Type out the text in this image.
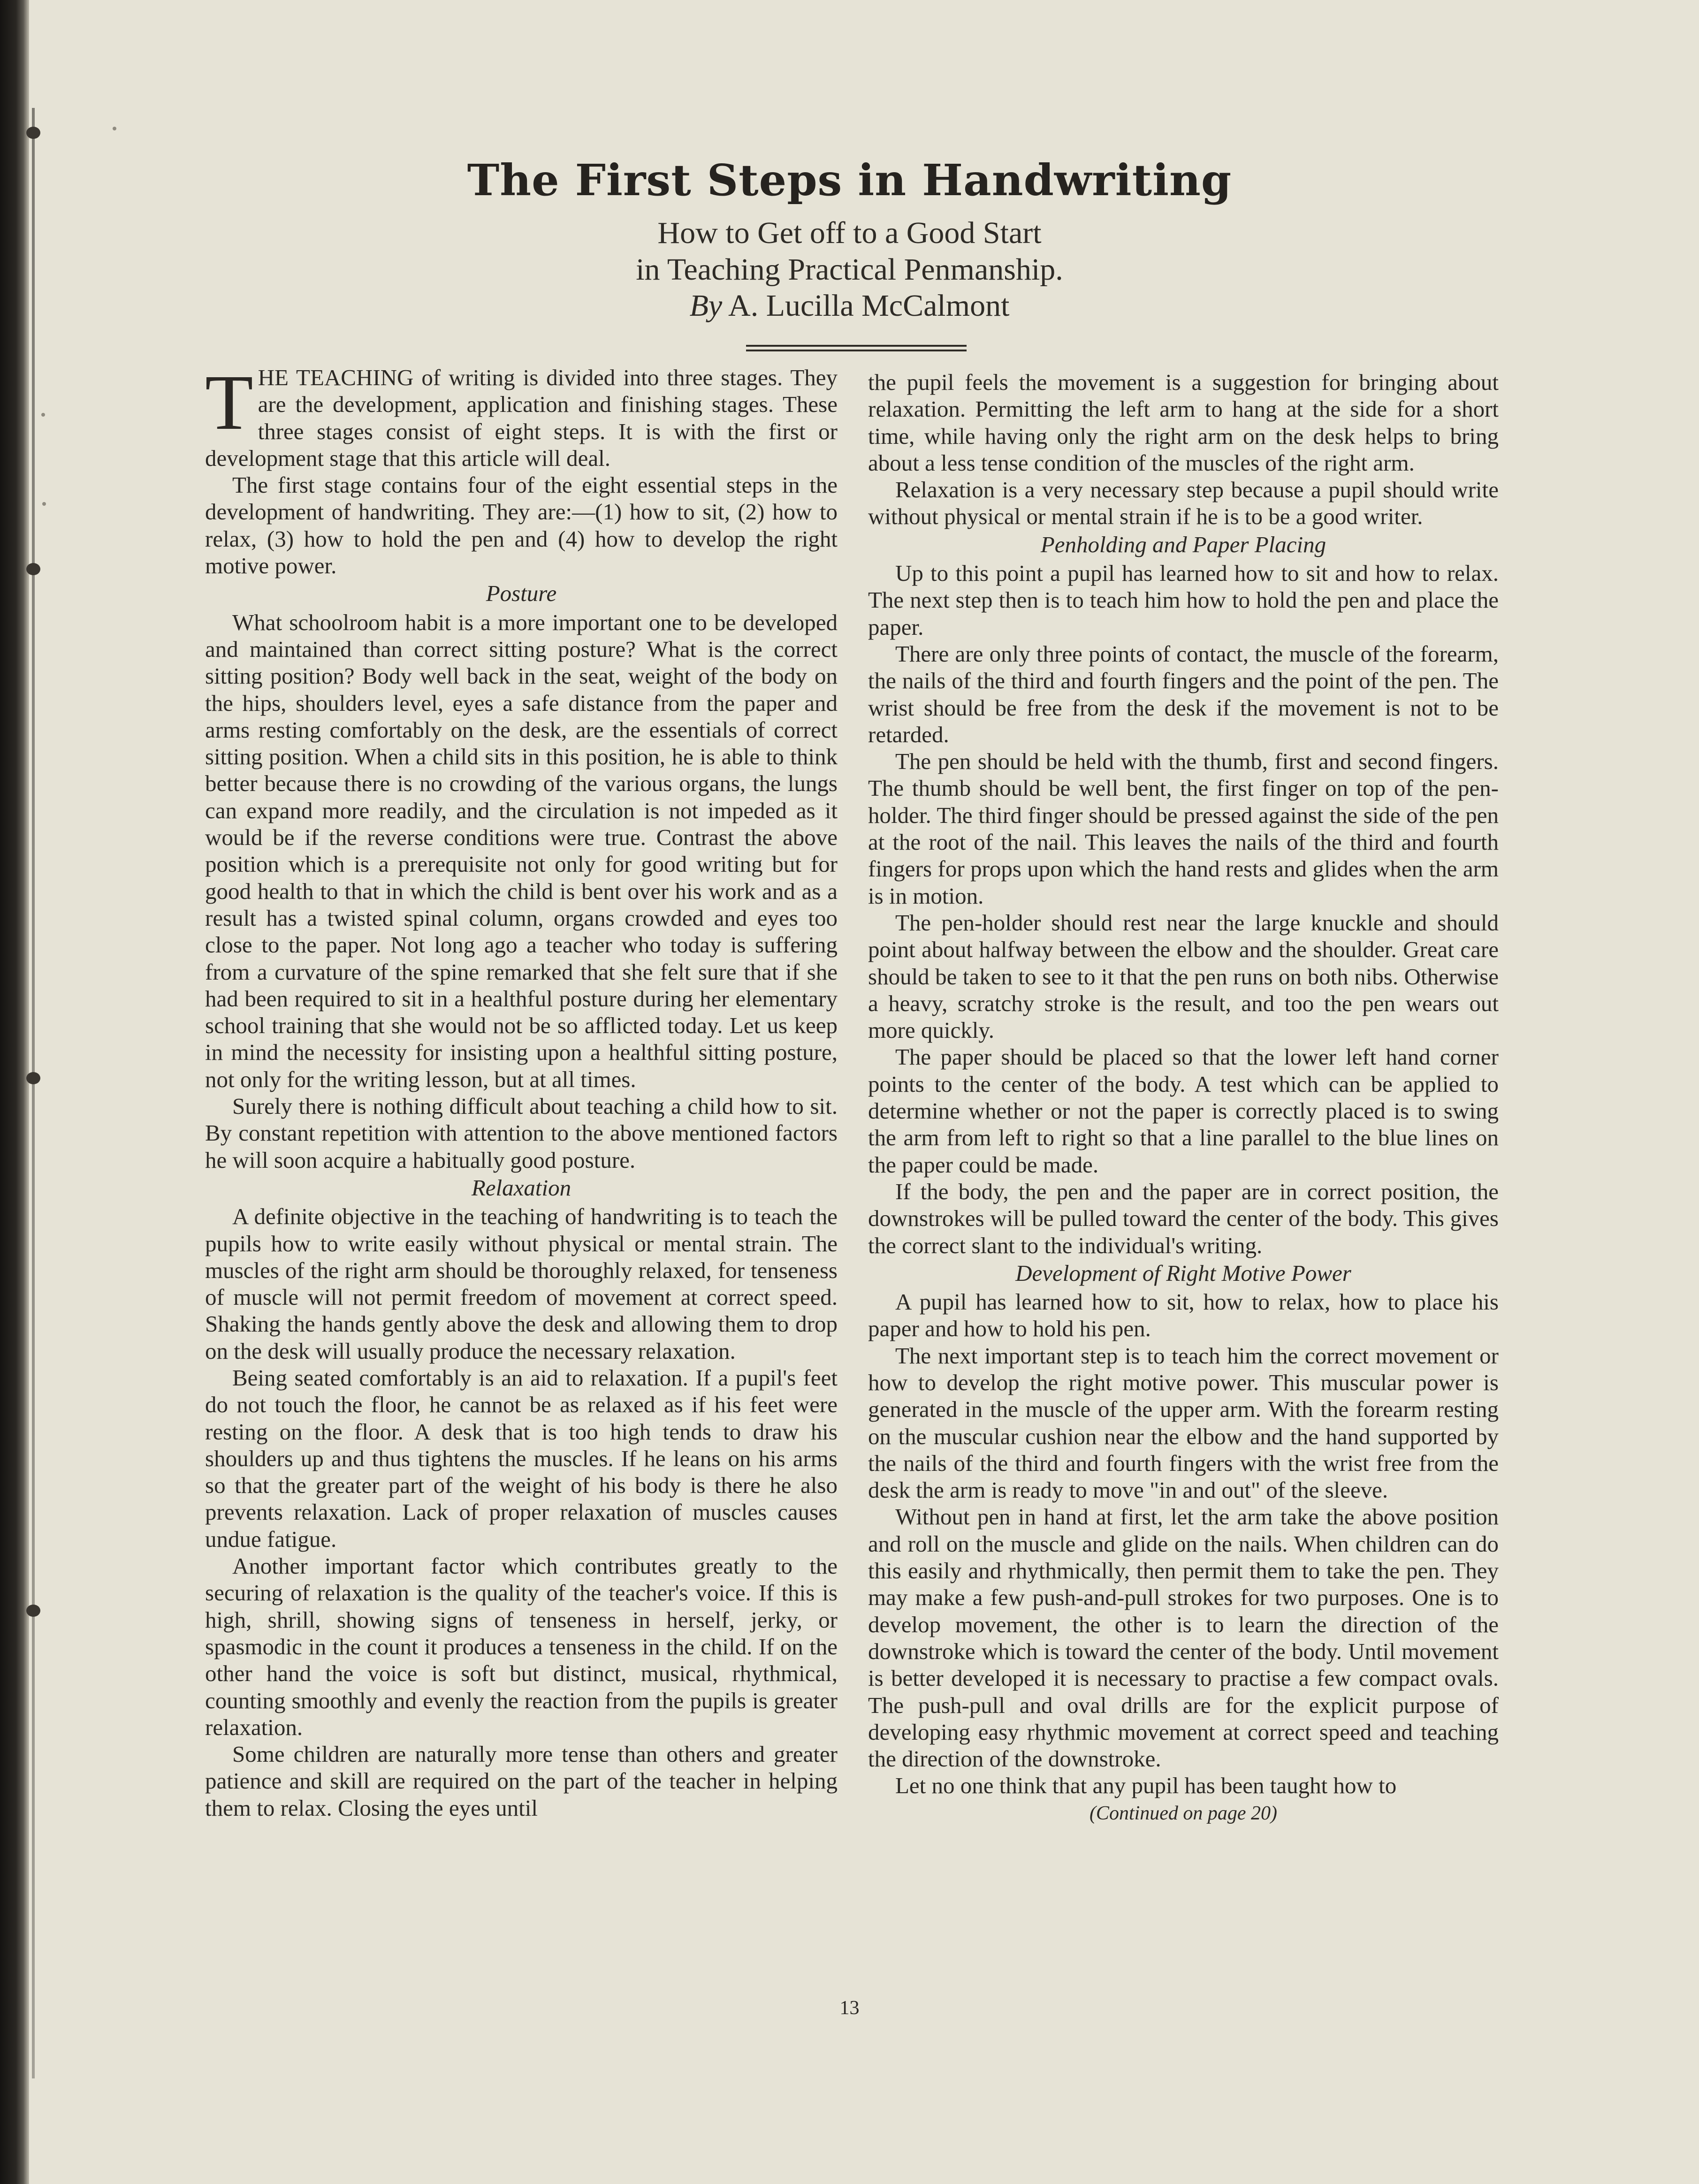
The First Steps in Handwriting
How to Get off to a Good Start
in Teaching Practical Penmanship.
By A. Lucilla McCalmont

THE TEACHING of writing is divided into three stages. They are the development, application and finishing stages. These three stages consist of eight steps. It is with the first or development stage that this article will deal.

The first stage contains four of the eight essential steps in the development of handwriting. They are:—(1) how to sit, (2) how to relax, (3) how to hold the pen and (4) how to develop the right motive power.

Posture

What schoolroom habit is a more important one to be developed and maintained than correct sitting posture? What is the correct sitting position? Body well back in the seat, weight of the body on the hips, shoulders level, eyes a safe distance from the paper and arms resting comfortably on the desk, are the essentials of correct sitting position. When a child sits in this position, he is able to think better because there is no crowding of the various organs, the lungs can expand more readily, and the circulation is not impeded as it would be if the reverse conditions were true. Contrast the above position which is a prerequisite not only for good writing but for good health to that in which the child is bent over his work and as a result has a twisted spinal column, organs crowded and eyes too close to the paper. Not long ago a teacher who today is suffering from a curvature of the spine remarked that she felt sure that if she had been required to sit in a healthful posture during her elementary school training that she would not be so afflicted today. Let us keep in mind the necessity for insisting upon a healthful sitting posture, not only for the writing lesson, but at all times.

Surely there is nothing difficult about teaching a child how to sit. By constant repetition with attention to the above mentioned factors he will soon acquire a habitually good posture.

Relaxation

A definite objective in the teaching of handwriting is to teach the pupils how to write easily without physical or mental strain. The muscles of the right arm should be thoroughly relaxed, for tenseness of muscle will not permit freedom of movement at correct speed. Shaking the hands gently above the desk and allowing them to drop on the desk will usually produce the necessary relaxation.

Being seated comfortably is an aid to relaxation. If a pupil's feet do not touch the floor, he cannot be as relaxed as if his feet were resting on the floor. A desk that is too high tends to draw his shoulders up and thus tightens the muscles. If he leans on his arms so that the greater part of the weight of his body is there he also prevents relaxation. Lack of proper relaxation of muscles causes undue fatigue.

Another important factor which contributes greatly to the securing of relaxation is the quality of the teacher's voice. If this is high, shrill, showing signs of tenseness in herself, jerky, or spasmodic in the count it produces a tenseness in the child. If on the other hand the voice is soft but distinct, musical, rhythmical, counting smoothly and evenly the reaction from the pupils is greater relaxation.

Some children are naturally more tense than others and greater patience and skill are required on the part of the teacher in helping them to relax. Closing the eyes until

the pupil feels the movement is a suggestion for bringing about relaxation. Permitting the left arm to hang at the side for a short time, while having only the right arm on the desk helps to bring about a less tense condition of the muscles of the right arm.

Relaxation is a very necessary step because a pupil should write without physical or mental strain if he is to be a good writer.

Penholding and Paper Placing

Up to this point a pupil has learned how to sit and how to relax. The next step then is to teach him how to hold the pen and place the paper.

There are only three points of contact, the muscle of the forearm, the nails of the third and fourth fingers and the point of the pen. The wrist should be free from the desk if the movement is not to be retarded.

The pen should be held with the thumb, first and second fingers. The thumb should be well bent, the first finger on top of the pen-holder. The third finger should be pressed against the side of the pen at the root of the nail. This leaves the nails of the third and fourth fingers for props upon which the hand rests and glides when the arm is in motion.

The pen-holder should rest near the large knuckle and should point about halfway between the elbow and the shoulder. Great care should be taken to see to it that the pen runs on both nibs. Otherwise a heavy, scratchy stroke is the result, and too the pen wears out more quickly.

The paper should be placed so that the lower left hand corner points to the center of the body. A test which can be applied to determine whether or not the paper is correctly placed is to swing the arm from left to right so that a line parallel to the blue lines on the paper could be made.

If the body, the pen and the paper are in correct position, the downstrokes will be pulled toward the center of the body. This gives the correct slant to the individual's writing.

Development of Right Motive Power

A pupil has learned how to sit, how to relax, how to place his paper and how to hold his pen.

The next important step is to teach him the correct movement or how to develop the right motive power. This muscular power is generated in the muscle of the upper arm. With the forearm resting on the muscular cushion near the elbow and the hand supported by the nails of the third and fourth fingers with the wrist free from the desk the arm is ready to move "in and out" of the sleeve.

Without pen in hand at first, let the arm take the above position and roll on the muscle and glide on the nails. When children can do this easily and rhythmically, then permit them to take the pen. They may make a few push-and-pull strokes for two purposes. One is to develop movement, the other is to learn the direction of the downstroke which is toward the center of the body. Until movement is better developed it is necessary to practise a few compact ovals. The push-pull and oval drills are for the explicit purpose of developing easy rhythmic movement at correct speed and teaching the direction of the downstroke.

Let no one think that any pupil has been taught how to

(Continued on page 20)
13
